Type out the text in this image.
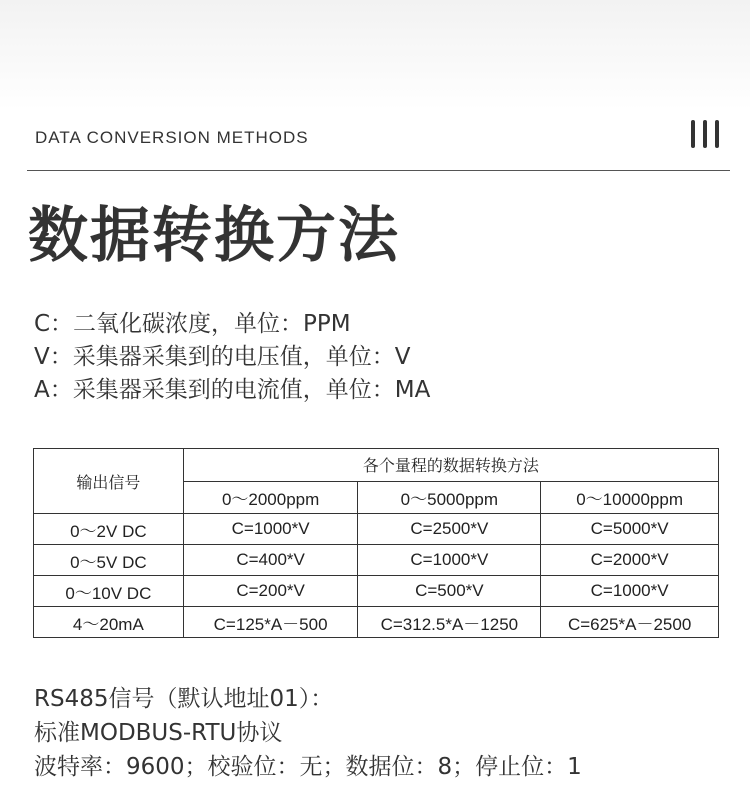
DATA CONVERSION METHODS
数据转换方法
C：二氧化碳浓度，单位：PPM
V：采集器采集到的电压值，单位：V
A：采集器采集到的电流值，单位：MA
输出信号	各个量程的数据转换方法		
	0～2000ppm	0～5000ppm	0～10000ppm
0～2V DC	C=1000*V	C=2500*V	C=5000*V
0～5V DC	C=400*V	C=1000*V	C=2000*V
0～10V DC	C=200*V	C=500*V	C=1000*V
4～20mA	C=125*A－500	C=312.5*A－1250	C=625*A－2500
RS485信号（默认地址01）：
标准MODBUS-RTU协议
波特率：9600；校验位：无；数据位：8；停止位：1
